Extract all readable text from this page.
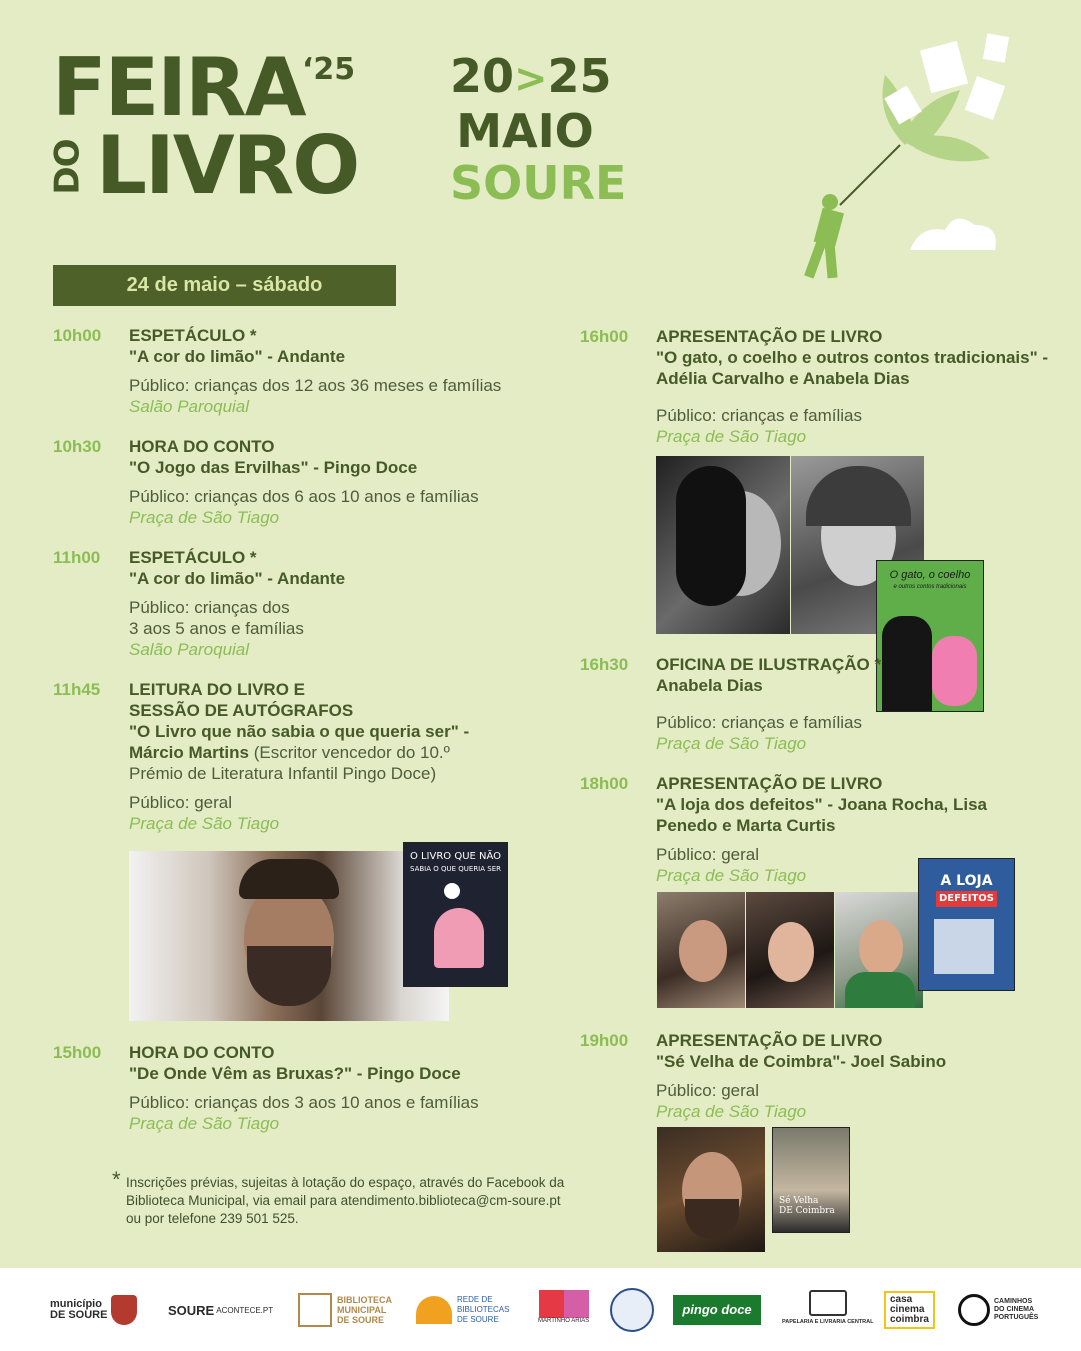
FEIRA
‘25
DO LIVRO
20>25
MAIO
SOURE
24 de maio – sábado
10h00 ESPETÁCULO *
"A cor do limão" - Andante
Público: crianças dos 12 aos 36 meses e famílias
Salão Paroquial
10h30 HORA DO CONTO
"O Jogo das Ervilhas" - Pingo Doce
Público: crianças dos 6 aos 10 anos e famílias
Praça de São Tiago
11h00 ESPETÁCULO *
"A cor do limão" - Andante
Público: crianças dos
3 aos 5 anos e famílias
Salão Paroquial
11h45 LEITURA DO LIVRO E
SESSÃO DE AUTÓGRAFOS
"O Livro que não sabia o que queria ser" -
Márcio Martins (Escritor vencedor do 10.º
Prémio de Literatura Infantil Pingo Doce)
Público: geral
Praça de São Tiago
O LIVRO QUE NÃO
SABIA O QUE QUERIA SER
15h00 HORA DO CONTO
"De Onde Vêm as Bruxas?" - Pingo Doce
Público: crianças dos 3 aos 10 anos e famílias
Praça de São Tiago
16h00 APRESENTAÇÃO DE LIVRO
"O gato, o coelho e outros contos tradicionais" -
Adélia Carvalho e Anabela Dias
Público: crianças e famílias
Praça de São Tiago
O gato, o coelho
e outros contos tradicionais
16h30 OFICINA DE ILUSTRAÇÃO *
Anabela Dias
Público: crianças e famílias
Praça de São Tiago
18h00 APRESENTAÇÃO DE LIVRO
"A loja dos defeitos" - Joana Rocha, Lisa
Penedo e Marta Curtis
Público: geral
Praça de São Tiago	A LOJA
DEFEITOS
19h00 APRESENTAÇÃO DE LIVRO
"Sé Velha de Coimbra"- Joel Sabino
Público: geral
Praça de São Tiago
Sé Velha
DE Coimbra
* Inscrições prévias, sujeitas à lotação do espaço, através do Facebook da
Biblioteca Municipal, via email para atendimento.biblioteca@cm-soure.pt
ou por telefone 239 501 525.
município
DE SOURE	SOURE ACONTECE.PT
BIBLIOTECA
MUNICIPAL
DE SOURE
REDE DE
BIBLIOTECAS
DE SOURE	MARTINHO ARIAS
pingo doce
PAPELARIA E LIVRARIA CENTRAL
casa
cinema
coimbra
CAMINHOS
DO CINEMA
PORTUGUÊS
